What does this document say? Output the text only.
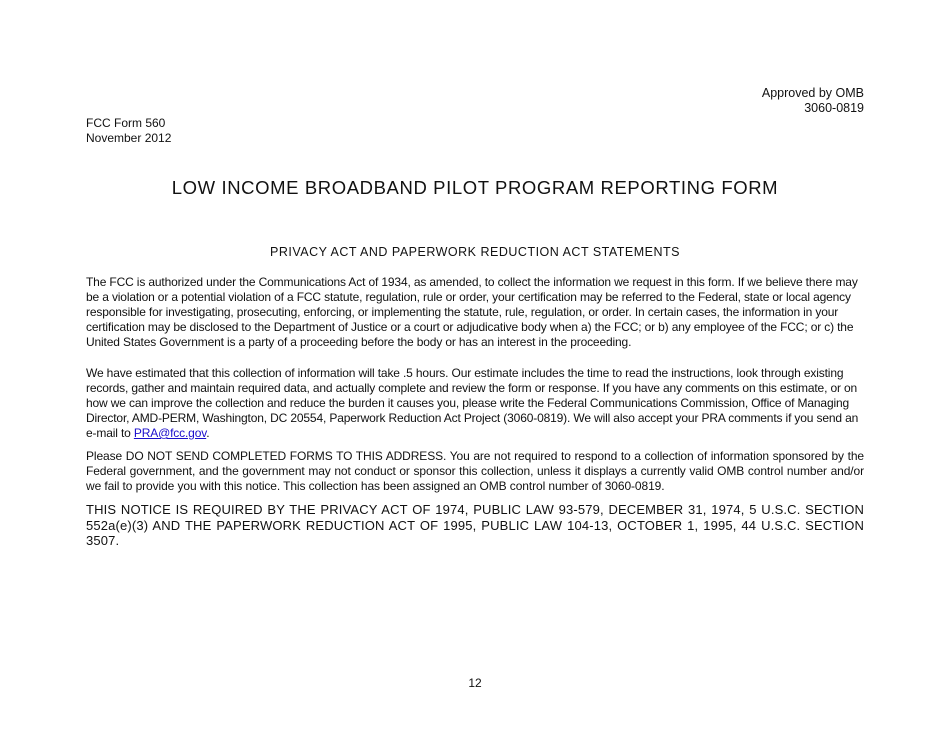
Approved by OMB
3060-0819
FCC Form 560
November 2012
LOW INCOME BROADBAND PILOT PROGRAM REPORTING FORM
PRIVACY ACT AND PAPERWORK REDUCTION ACT STATEMENTS

The FCC is authorized under the Communications Act of 1934, as amended, to collect the information we request in this form. If we believe there may be a violation or a potential violation of a FCC statute, regulation, rule or order, your certification may be referred to the Federal, state or local agency responsible for investigating, prosecuting, enforcing, or implementing the statute, rule, regulation, or order. In certain cases, the information in your certification may be disclosed to the Department of Justice or a court or adjudicative body when a) the FCC; or b) any employee of the FCC; or c) the United States Government is a party of a proceeding before the body or has an interest in the proceeding.

We have estimated that this collection of information will take .5 hours. Our estimate includes the time to read the instructions, look through existing records, gather and maintain required data, and actually complete and review the form or response. If you have any comments on this estimate, or on how we can improve the collection and reduce the burden it causes you, please write the Federal Communications Commission, Office of Managing Director, AMD-PERM, Washington, DC 20554, Paperwork Reduction Act Project (3060-0819). We will also accept your PRA comments if you send an e-mail to PRA@fcc.gov.

Please DO NOT SEND COMPLETED FORMS TO THIS ADDRESS. You are not required to respond to a collection of information sponsored by the Federal government, and the government may not conduct or sponsor this collection, unless it displays a currently valid OMB control number and/or we fail to provide you with this notice. This collection has been assigned an OMB control number of 3060-0819.

THIS NOTICE IS REQUIRED BY THE PRIVACY ACT OF 1974, PUBLIC LAW 93-579, DECEMBER 31, 1974, 5 U.S.C. SECTION 552a(e)(3) AND THE PAPERWORK REDUCTION ACT OF 1995, PUBLIC LAW 104-13, OCTOBER 1, 1995, 44 U.S.C. SECTION 3507.

12
